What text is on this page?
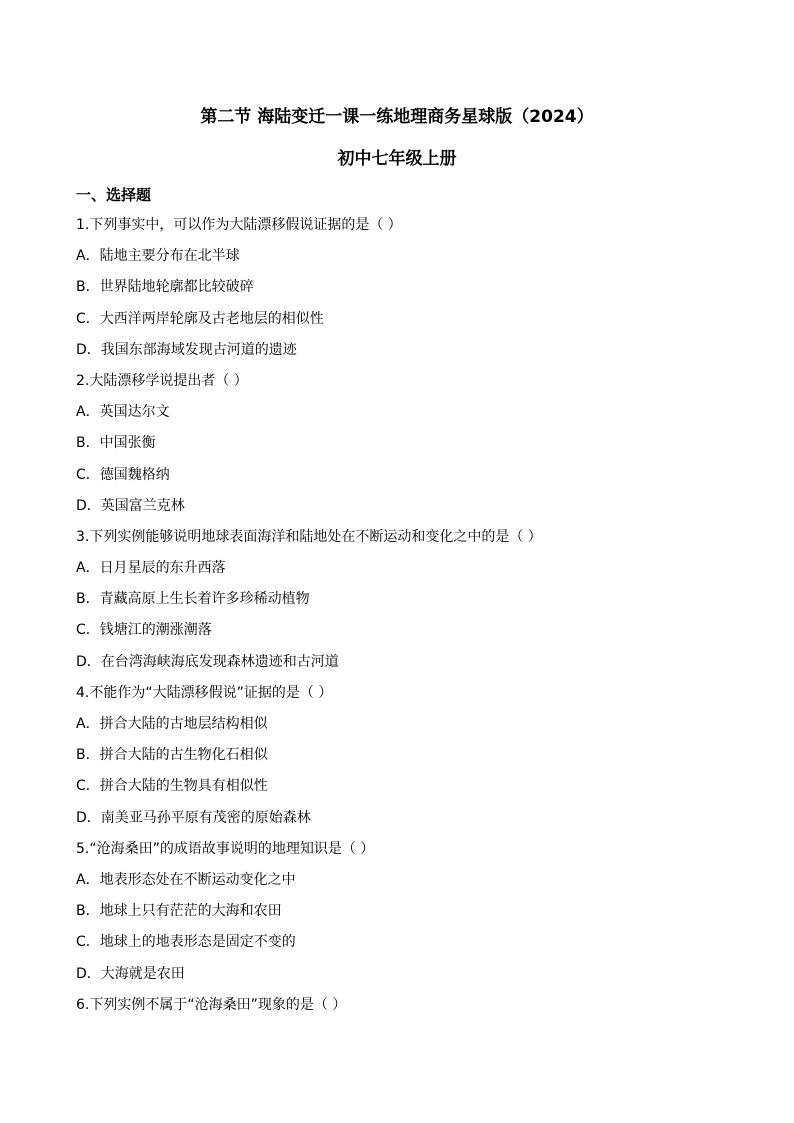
第二节 海陆变迁一课一练地理商务星球版（2024）
初中七年级上册
一、选择题
1.下列事实中，可以作为大陆漂移假说证据的是（ ）
A．陆地主要分布在北半球
B．世界陆地轮廓都比较破碎
C．大西洋两岸轮廓及古老地层的相似性
D．我国东部海域发现古河道的遗迹
2.大陆漂移学说提出者（ ）
A．英国达尔文
B．中国张衡
C．德国魏格纳
D．英国富兰克林
3.下列实例能够说明地球表面海洋和陆地处在不断运动和变化之中的是（ ）
A．日月星辰的东升西落
B．青藏高原上生长着许多珍稀动植物
C．钱塘江的潮涨潮落
D．在台湾海峡海底发现森林遗迹和古河道
4.不能作为“大陆漂移假说”证据的是（ ）
A．拼合大陆的古地层结构相似
B．拼合大陆的古生物化石相似
C．拼合大陆的生物具有相似性
D．南美亚马孙平原有茂密的原始森林
5.“沧海桑田”的成语故事说明的地理知识是（ ）
A．地表形态处在不断运动变化之中
B．地球上只有茫茫的大海和农田
C．地球上的地表形态是固定不变的
D．大海就是农田
6.下列实例不属于“沧海桑田”现象的是（ ）
